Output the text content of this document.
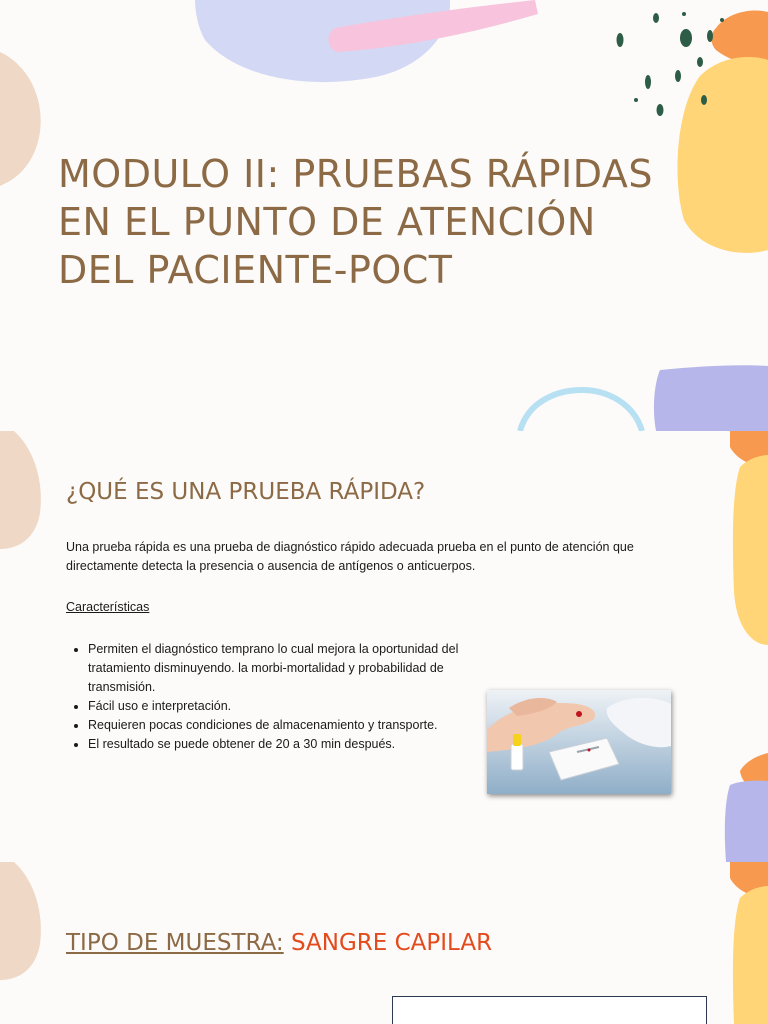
MODULO II: PRUEBAS RÁPIDAS
EN EL PUNTO DE ATENCIÓN
DEL PACIENTE-POCT
¿QUÉ ES UNA PRUEBA RÁPIDA?

Una prueba rápida es una prueba de diagnóstico rápido adecuada prueba en el punto de atención que directamente detecta la presencia o ausencia de antígenos o anticuerpos.

Características

• Permiten el diagnóstico temprano lo cual mejora la oportunidad del tratamiento disminuyendo. la morbi-mortalidad y probabilidad de transmisión.
• Fácil uso e interpretación.
• Requieren pocas condiciones de almacenamiento y transporte.
• El resultado se puede obtener de 20 a 30 min después.
TIPO DE MUESTRA: SANGRE CAPILAR
